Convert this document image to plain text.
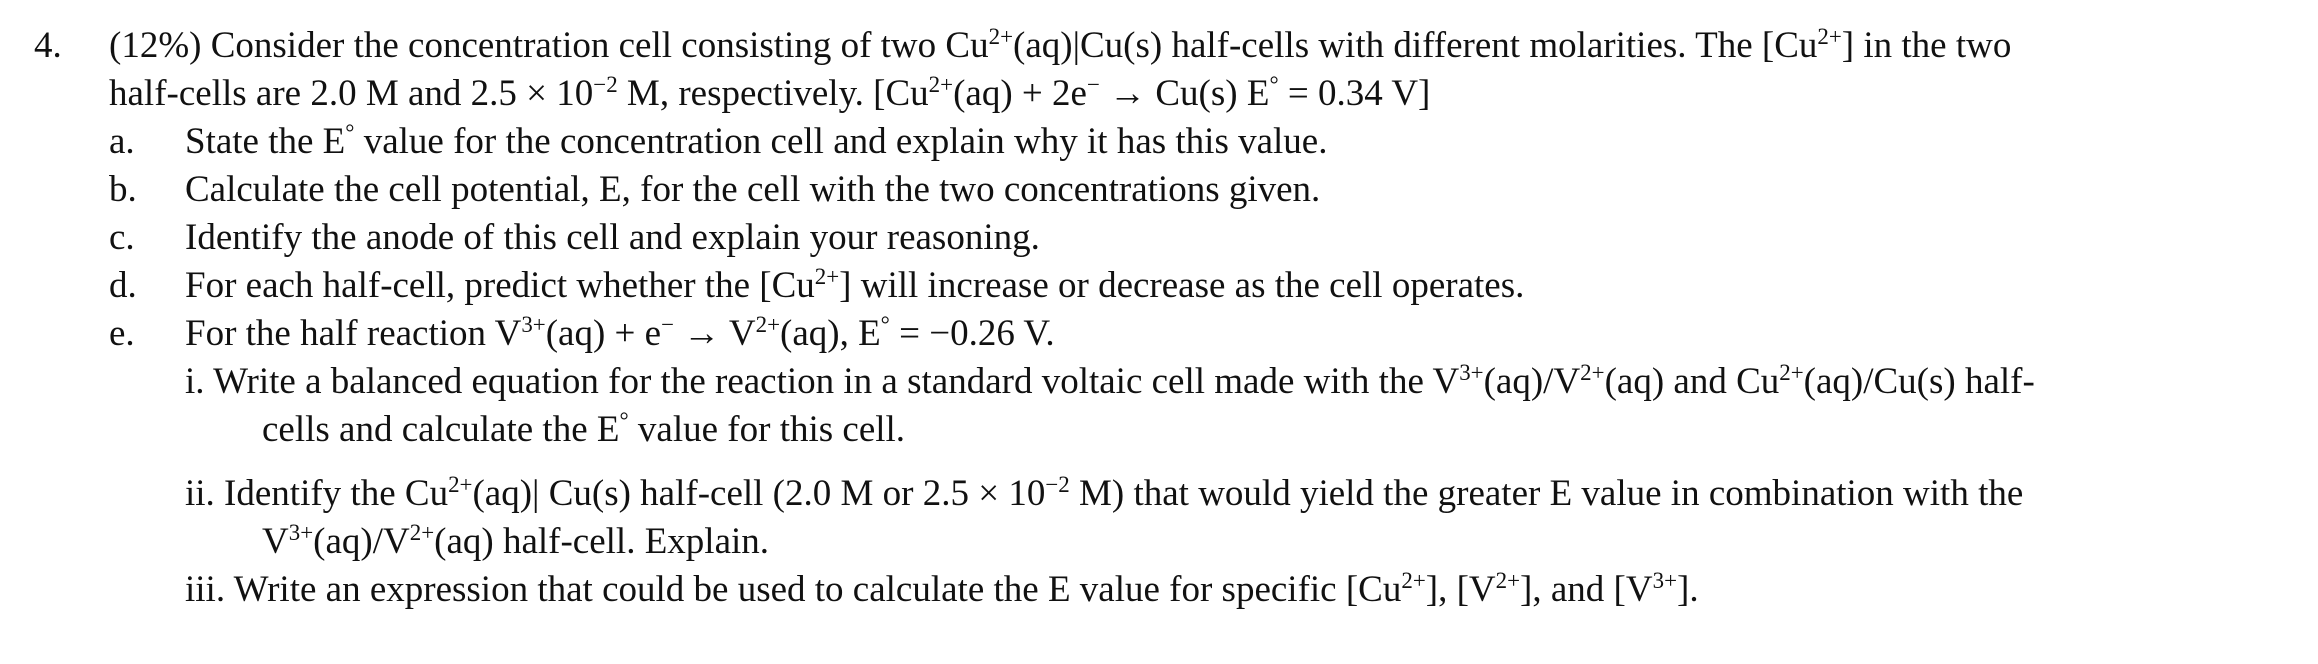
4. (12%) Consider the concentration cell consisting of two $Cu^{2+}(aq)|Cu(s)$ half-cells with different molarities. The $[Cu^{2+}]$ in the two
half-cells are 2.0 M and $2.5 \times 10^{-2}$ M, respectively. [$Cu^{2+}(aq) + 2e^- \to Cu(s) E^\circ = 0.34$ V]
a. State the E° value for the concentration cell and explain why it has this value.
b. Calculate the cell potential, E, for the cell with the two concentrations given.
c. Identify the anode of this cell and explain your reasoning.
d. For each half-cell, predict whether the $[Cu^{2+}]$ will increase or decrease as the cell operates.
e. For the half reaction $V^{3+}(aq) + e^- \to V^{2+}(aq)$, E° = −0.26 V.
i. Write a balanced equation for the reaction in a standard voltaic cell made with the $V^{3+}(aq)/V^{2+}(aq)$ and $Cu^{2+}(aq)/Cu(s)$ half-
cells and calculate the E° value for this cell.
ii. Identify the $Cu^{2+}(aq)|$ Cu(s) half-cell (2.0 M or $2.5 \times 10^{-2}$ M) that would yield the greater E value in combination with the
$V^{3+}(aq)/V^{2+}(aq)$ half-cell. Explain.
iii. Write an expression that could be used to calculate the E value for specific $[Cu^{2+}]$, $[V^{2+}]$, and $[V^{3+}]$.
